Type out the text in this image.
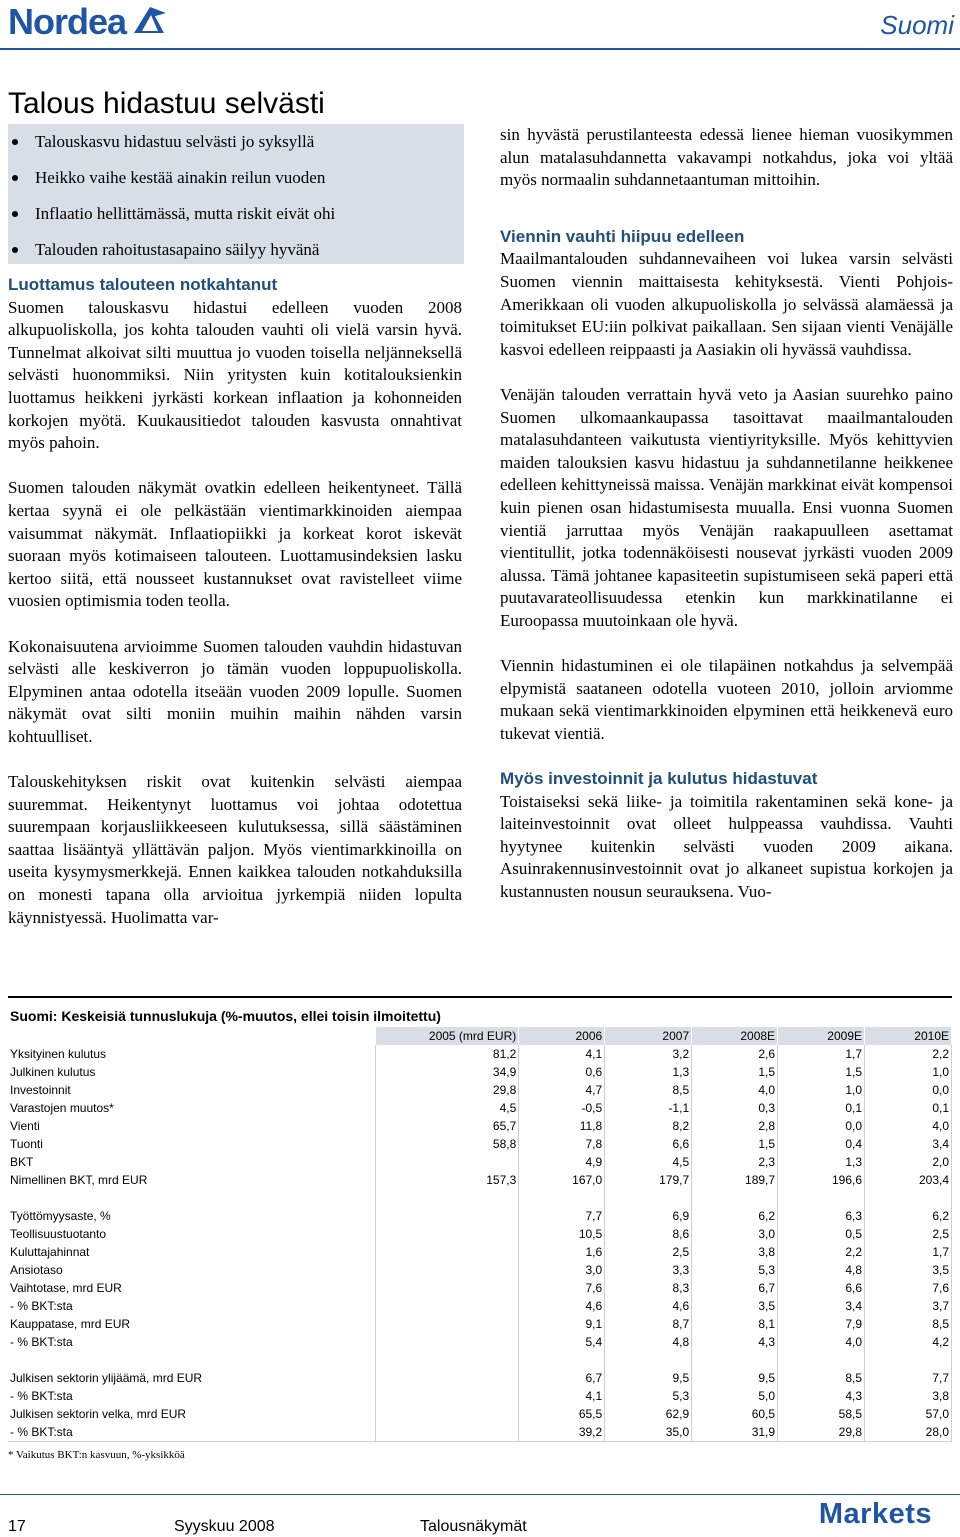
Nordea	Suomi
Talous hidastuu selvästi
Talouskasvu hidastuu selvästi jo syksyllä
Heikko vaihe kestää ainakin reilun vuoden
Inflaatio hellittämässä, mutta riskit eivät ohi
Talouden rahoitustasapaino säilyy hyvänä
Luottamus talouteen notkahtanut

Suomen talouskasvu hidastui edelleen vuoden 2008 alkupuoliskolla, jos kohta talouden vauhti oli vielä varsin hyvä. Tunnelmat alkoivat silti muuttua jo vuoden toisella neljänneksellä selvästi huonommiksi. Niin yritysten kuin kotitalouksienkin luottamus heikkeni jyrkästi korkean inflaation ja kohonneiden korkojen myötä. Kuukausitiedot talouden kasvusta onnahtivat myös pahoin.

Suomen talouden näkymät ovatkin edelleen heikentyneet. Tällä kertaa syynä ei ole pelkästään vientimarkkinoiden aiempaa vaisummat näkymät. Inflaatiopiikki ja korkeat korot iskevät suoraan myös kotimaiseen talouteen. Luottamusindeksien lasku kertoo siitä, että nousseet kustannukset ovat ravistelleet viime vuosien optimismia toden teolla.

Kokonaisuutena arvioimme Suomen talouden vauhdin hidastuvan selvästi alle keskiverron jo tämän vuoden loppupuoliskolla. Elpyminen antaa odotella itseään vuoden 2009 lopulle. Suomen näkymät ovat silti moniin muihin maihin nähden varsin kohtuulliset.

Talouskehityksen riskit ovat kuitenkin selvästi aiempaa suuremmat. Heikentynyt luottamus voi johtaa odotettua suurempaan korjausliikkeeseen kulutuksessa, sillä säästäminen saattaa lisääntyä yllättävän paljon. Myös vientimarkkinoilla on useita kysymysmerkkejä. Ennen kaikkea talouden notkahduksilla on monesti tapana olla arvioitua jyrkempiä niiden lopulta käynnistyessä. Huolimatta var-

sin hyvästä perustilanteesta edessä lienee hieman vuosikymmen alun matalasuhdannetta vakavampi notkahdus, joka voi yltää myös normaalin suhdannetaantuman mittoihin.

Viennin vauhti hiipuu edelleen

Maailmantalouden suhdannevaiheen voi lukea varsin selvästi Suomen viennin maittaisesta kehityksestä. Vienti Pohjois-Amerikkaan oli vuoden alkupuoliskolla jo selvässä alamäessä ja toimitukset EU:iin polkivat paikallaan. Sen sijaan vienti Venäjälle kasvoi edelleen reippaasti ja Aasiakin oli hyvässä vauhdissa.

Venäjän talouden verrattain hyvä veto ja Aasian suurehko paino Suomen ulkomaankaupassa tasoittavat maailmantalouden matalasuhdanteen vaikutusta vientiyrityksille. Myös kehittyvien maiden talouksien kasvu hidastuu ja suhdannetilanne heikkenee edelleen kehittyneissä maissa. Venäjän markkinat eivät kompensoi kuin pienen osan hidastumisesta muualla. Ensi vuonna Suomen vientiä jarruttaa myös Venäjän raakapuulleen asettamat vientitullit, jotka todennäköisesti nousevat jyrkästi vuoden 2009 alussa. Tämä johtanee kapasiteetin supistumiseen sekä paperi että puutavarateollisuudessa etenkin kun markkinatilanne ei Euroopassa muutoinkaan ole hyvä.

Viennin hidastuminen ei ole tilapäinen notkahdus ja selvempää elpymistä saataneen odotella vuoteen 2010, jolloin arviomme mukaan sekä vientimarkkinoiden elpyminen että heikkenevä euro tukevat vientiä.

Myös investoinnit ja kulutus hidastuvat

Toistaiseksi sekä liike- ja toimitila rakentaminen sekä kone- ja laiteinvestoinnit ovat olleet hulppeassa vauhdissa. Vauhti hyytynee kuitenkin selvästi vuoden 2009 aikana. Asuinrakennusinvestoinnit ovat jo alkaneet supistua korkojen ja kustannusten nousun seurauksena. Vuo-

Suomi: Keskeisiä tunnuslukuja (%-muutos, ellei toisin ilmoitettu)
	2005 (mrd EUR)	2006	2007	2008E	2009E	2010E
Yksityinen kulutus	81,2	4,1	3,2	2,6	1,7	2,2
Julkinen kulutus	34,9	0,6	1,3	1,5	1,5	1,0
Investoinnit	29,8	4,7	8,5	4,0	1,0	0,0
Varastojen muutos*	4,5	-0,5	-1,1	0,3	0,1	0,1
Vienti	65,7	11,8	8,2	2,8	0,0	4,0
Tuonti	58,8	7,8	6,6	1,5	0,4	3,4
BKT		4,9	4,5	2,3	1,3	2,0
Nimellinen BKT, mrd EUR	157,3	167,0	179,7	189,7	196,6	203,4

Työttömyysaste, %		7,7	6,9	6,2	6,3	6,2
Teollisuustuotanto		10,5	8,6	3,0	0,5	2,5
Kuluttajahinnat		1,6	2,5	3,8	2,2	1,7
Ansiotaso		3,0	3,3	5,3	4,8	3,5
Vaihtotase, mrd EUR		7,6	8,3	6,7	6,6	7,6
- % BKT:sta		4,6	4,6	3,5	3,4	3,7
Kauppatase, mrd EUR		9,1	8,7	8,1	7,9	8,5
- % BKT:sta		5,4	4,8	4,3	4,0	4,2

Julkisen sektorin ylijäämä, mrd EUR		6,7	9,5	9,5	8,5	7,7
- % BKT:sta		4,1	5,3	5,0	4,3	3,8
Julkisen sektorin velka, mrd EUR		65,5	62,9	60,5	58,5	57,0
- % BKT:sta		39,2	35,0	31,9	29,8	28,0
* Vaikutus BKT:n kasvuun, %-yksikköä
17	Syyskuu 2008	Talousnäkymät	Markets
